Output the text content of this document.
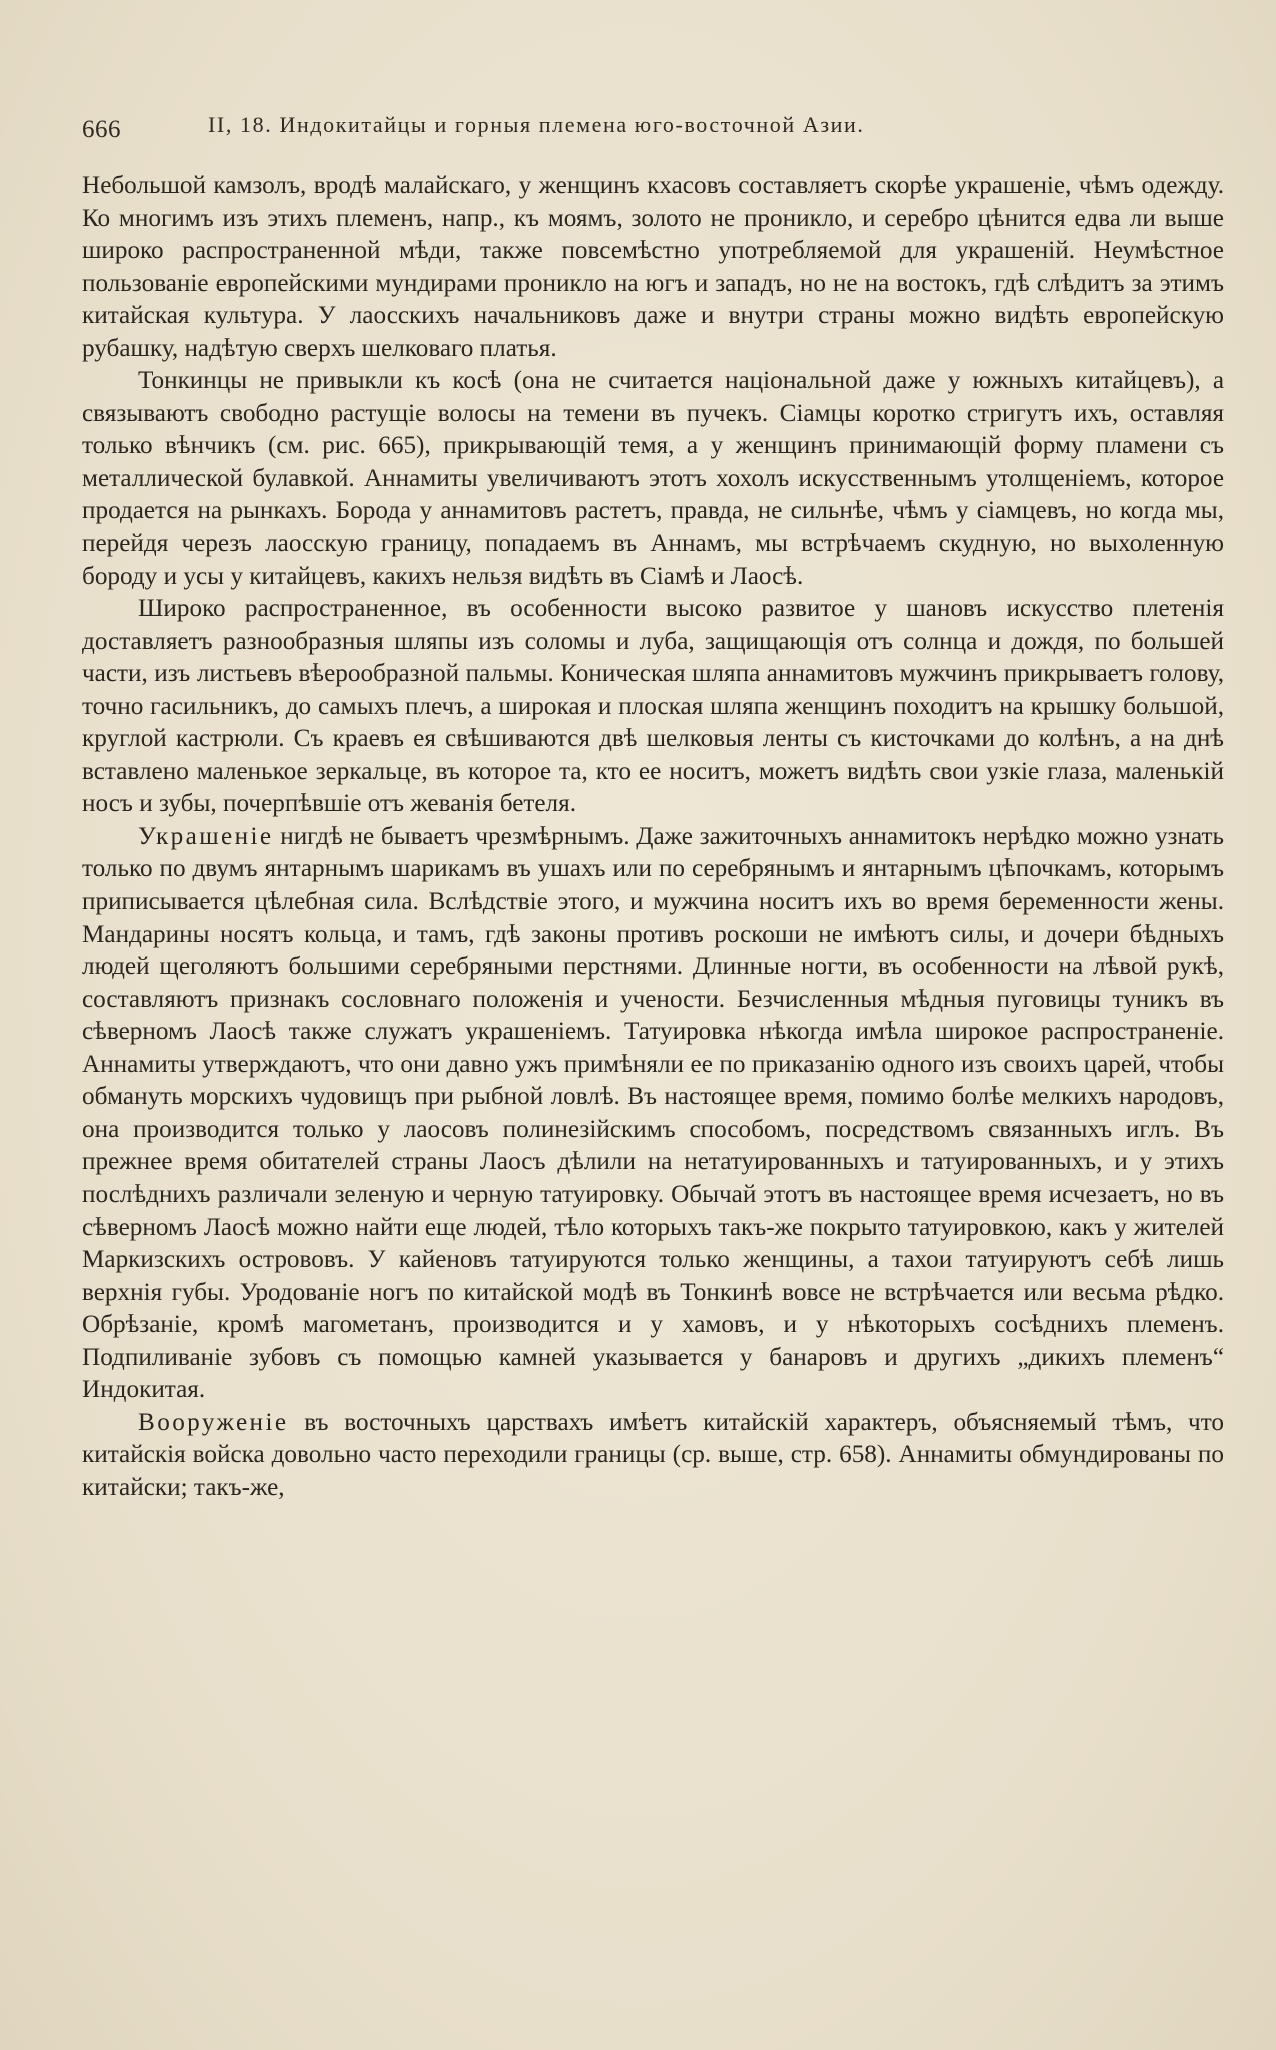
666	II, 18. Индокитайцы и горныя племена юго-восточной Азии.

Небольшой камзолъ, вродѣ малайскаго, у женщинъ кхасовъ составляетъ скорѣе украшеніе, чѣмъ одежду. Ко многимъ изъ этихъ племенъ, напр., къ моямъ, золото не проникло, и серебро цѣнится едва ли выше широко распространенной мѣди, также повсемѣстно употребляемой для украшеній. Неумѣстное пользованіе европейскими мундирами проникло на югъ и западъ, но не на востокъ, гдѣ слѣдитъ за этимъ китайская культура. У лаосскихъ начальниковъ даже и внутри страны можно видѣть европейскую рубашку, надѣтую сверхъ шелковаго платья.

Тонкинцы не привыкли къ косѣ (она не считается національной даже у южныхъ китайцевъ), а связываютъ свободно растущіе волосы на темени въ пучекъ. Сіамцы коротко стригутъ ихъ, оставляя только вѣнчикъ (см. рис. 665), прикрывающій темя, а у женщинъ принимающій форму пламени съ металлической булавкой. Аннамиты увеличиваютъ этотъ хохолъ искусственнымъ утолщеніемъ, которое продается на рынкахъ. Борода у аннамитовъ растетъ, правда, не сильнѣе, чѣмъ у сіамцевъ, но когда мы, перейдя черезъ лаосскую границу, попадаемъ въ Аннамъ, мы встрѣчаемъ скудную, но выхоленную бороду и усы у китайцевъ, какихъ нельзя видѣть въ Сіамѣ и Лаосѣ.

Широко распространенное, въ особенности высоко развитое у шановъ искусство плетенія доставляетъ разнообразныя шляпы изъ соломы и луба, защищающія отъ солнца и дождя, по большей части, изъ листьевъ вѣерообразной пальмы. Коническая шляпа аннамитовъ мужчинъ прикрываетъ голову, точно гасильникъ, до самыхъ плечъ, а широкая и плоская шляпа женщинъ походитъ на крышку большой, круглой кастрюли. Съ краевъ ея свѣшиваются двѣ шелковыя ленты съ кисточками до колѣнъ, а на днѣ вставлено маленькое зеркальце, въ которое та, кто ее носитъ, можетъ видѣть свои узкіе глаза, маленькій носъ и зубы, почерпѣвшіе отъ жеванія бетеля.

Украшеніе нигдѣ не бываетъ чрезмѣрнымъ. Даже зажиточныхъ аннамитокъ нерѣдко можно узнать только по двумъ янтарнымъ шарикамъ въ ушахъ или по серебрянымъ и янтарнымъ цѣпочкамъ, которымъ приписывается цѣлебная сила. Вслѣдствіе этого, и мужчина носитъ ихъ во время беременности жены. Мандарины носятъ кольца, и тамъ, гдѣ законы противъ роскоши не имѣютъ силы, и дочери бѣдныхъ людей щеголяютъ большими серебряными перстнями. Длинные ногти, въ особенности на лѣвой рукѣ, составляютъ признакъ сословнаго положенія и учености. Безчисленныя мѣдныя пуговицы туникъ въ сѣверномъ Лаосѣ также служатъ украшеніемъ. Татуировка нѣкогда имѣла широкое распространеніе. Аннамиты утверждаютъ, что они давно ужъ примѣняли ее по приказанію одного изъ своихъ царей, чтобы обмануть морскихъ чудовищъ при рыбной ловлѣ. Въ настоящее время, помимо болѣе мелкихъ народовъ, она производится только у лаосовъ полинезійскимъ способомъ, посредствомъ связанныхъ иглъ. Въ прежнее время обитателей страны Лаосъ дѣлили на нетатуированныхъ и татуированныхъ, и у этихъ послѣднихъ различали зеленую и черную татуировку. Обычай этотъ въ настоящее время исчезаетъ, но въ сѣверномъ Лаосѣ можно найти еще людей, тѣло которыхъ такъ-же покрыто татуировкою, какъ у жителей Маркизскихъ острововъ. У кайеновъ татуируются только женщины, а тахои татуируютъ себѣ лишь верхнія губы. Уродованіе ногъ по китайской модѣ въ Тонкинѣ вовсе не встрѣчается или весьма рѣдко. Обрѣзаніе, кромѣ магометанъ, производится и у хамовъ, и у нѣкоторыхъ сосѣднихъ племенъ. Подпиливаніе зубовъ съ помощью камней указывается у банаровъ и другихъ „дикихъ племенъ“ Индокитая.

Вооруженіе въ восточныхъ царствахъ имѣетъ китайскій характеръ, объясняемый тѣмъ, что китайскія войска довольно часто переходили границы (ср. выше, стр. 658). Аннамиты обмундированы по китайски; такъ-же,
